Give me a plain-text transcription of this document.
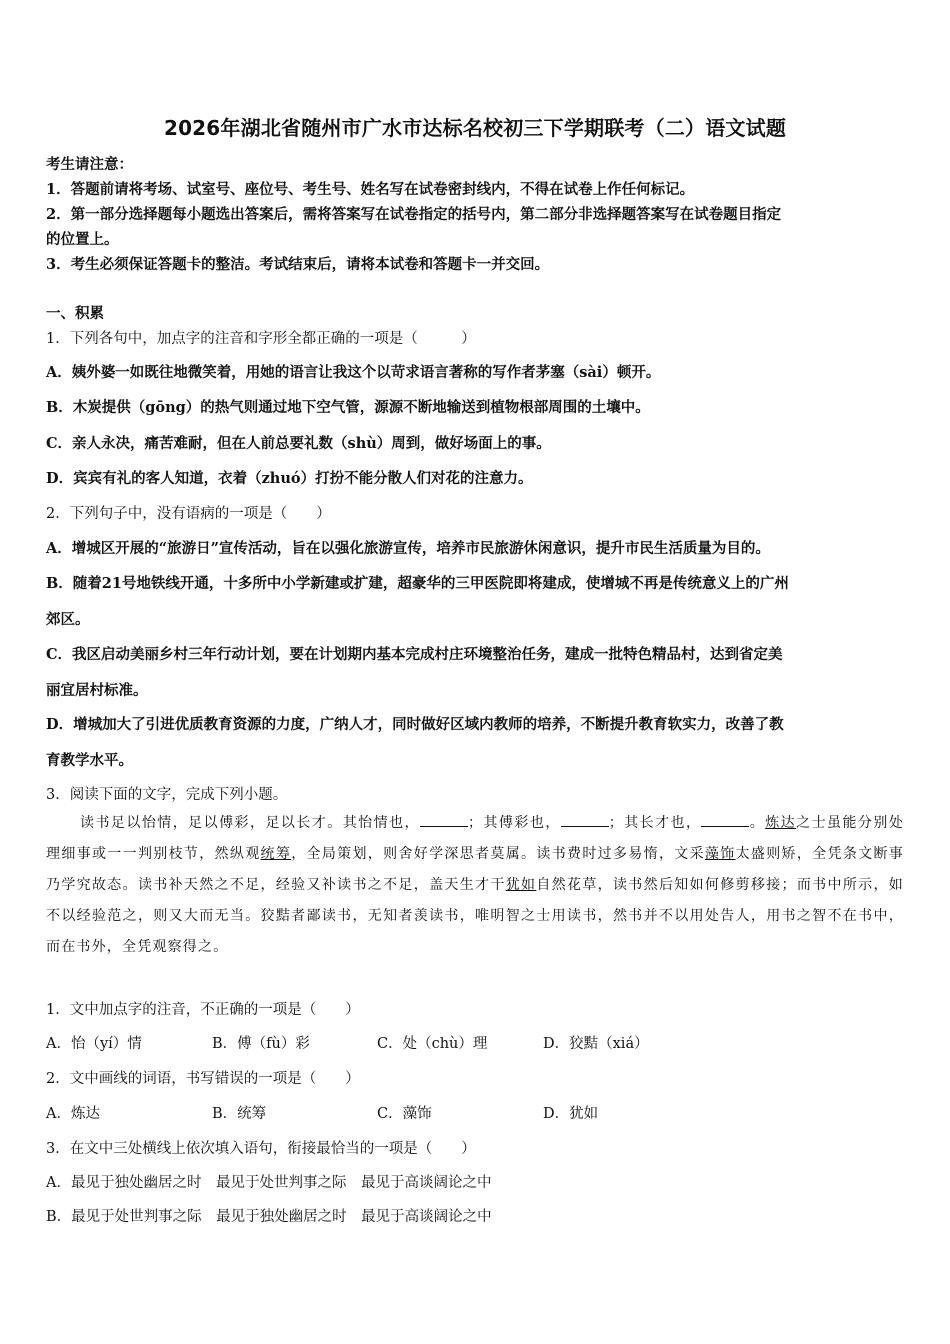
2026年湖北省随州市广水市达标名校初三下学期联考（二）语文试题
考生请注意：
1．答题前请将考场、试室号、座位号、考生号、姓名写在试卷密封线内，不得在试卷上作任何标记。
2．第一部分选择题每小题选出答案后，需将答案写在试卷指定的括号内，第二部分非选择题答案写在试卷题目指定
的位置上。
3．考生必须保证答题卡的整洁。考试结束后，请将本试卷和答题卡一并交回。
一、积累
1．下列各句中，加点字的注音和字形全都正确的一项是（　　　）
A．姨外婆一如既往地微笑着，用她的语言让我这个以苛求语言著称的写作者茅塞（sài）顿开。
B．木炭提供（gōng）的热气则通过地下空气管，源源不断地输送到植物根部周围的土壤中。
C．亲人永决，痛苦难耐，但在人前总要礼数（shù）周到，做好场面上的事。
D．宾宾有礼的客人知道，衣着（zhuó）打扮不能分散人们对花的注意力。
2．下列句子中，没有语病的一项是（　　）
A．增城区开展的“旅游日”宣传活动，旨在以强化旅游宣传，培养市民旅游休闲意识，提升市民生活质量为目的。
B．随着21号地铁线开通，十多所中小学新建或扩建，超豪华的三甲医院即将建成，使增城不再是传统意义上的广州
郊区。
C．我区启动美丽乡村三年行动计划，要在计划期内基本完成村庄环境整治任务，建成一批特色精品村，达到省定美
丽宜居村标准。
D．增城加大了引进优质教育资源的力度，广纳人才，同时做好区域内教师的培养，不断提升教育软实力，改善了教
育教学水平。
3．阅读下面的文字，完成下列小题。
读书足以怡情，足以傅彩，足以长才。其怡情也，	；其傅彩也，	；其长才也，	。炼达之士虽能分别处理细事或一一判别枝节，然纵观统筹，全局策划，则舍好学深思者莫属。读书费时过多易惰，文采藻饰太盛则矫，全凭条文断事乃学究故态。读书补天然之不足，经验又补读书之不足，盖天生才干犹如自然花草，读书然后知如何修剪移接；而书中所示，如不以经验范之，则又大而无当。狡黠者鄙读书，无知者羡读书，唯明智之士用读书，然书并不以用处告人，用书之智不在书中，而在书外，全凭观察得之。
1．文中加点字的注音，不正确的一项是（　　）
A．怡（yí）情	B．傅（fù）彩	C．处（chù）理	D．狡黠（xiá）
2．文中画线的词语，书写错误的一项是（　　）
A．炼达	B．统筹	C．藻饰	D．犹如
3．在文中三处横线上依次填入语句，衔接最恰当的一项是（　　）
A．最见于独处幽居之时　最见于处世判事之际　最见于高谈阔论之中
B．最见于处世判事之际　最见于独处幽居之时　最见于高谈阔论之中
